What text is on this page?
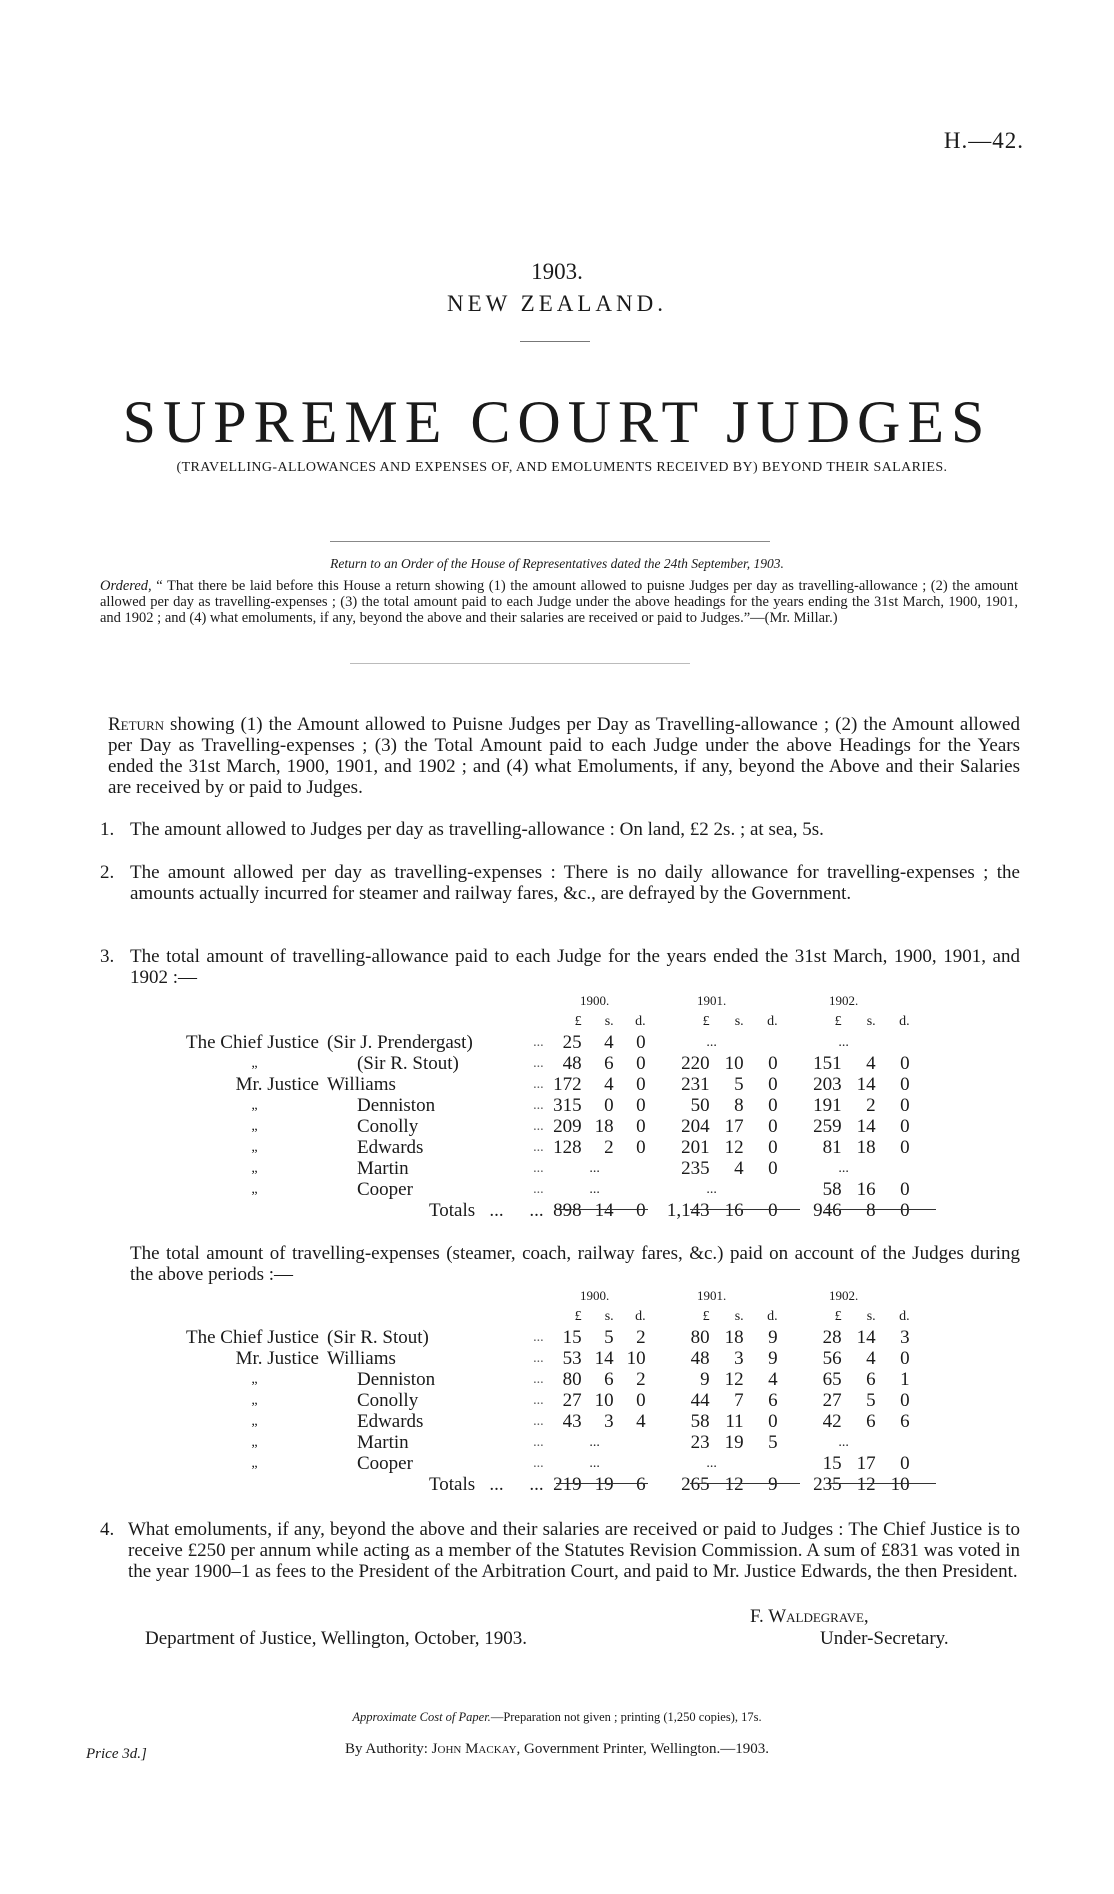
H.—42.
1903.
NEW ZEALAND.
SUPREME COURT JUDGES
(TRAVELLING-ALLOWANCES AND EXPENSES OF, AND EMOLUMENTS RECEIVED BY) BEYOND THEIR SALARIES.
Return to an Order of the House of Representatives dated the 24th September, 1903.
Ordered, “ That there be laid before this House a return showing (1) the amount allowed to puisne Judges per day as travelling-allowance ; (2) the amount allowed per day as travelling-expenses ; (3) the total amount paid to each Judge under the above headings for the years ending the 31st March, 1900, 1901, and 1902 ; and (4) what emoluments, if any, beyond the above and their salaries are received or paid to Judges.”—(Mr. Millar.)
Return showing (1) the Amount allowed to Puisne Judges per Day as Travelling-allowance ; (2) the Amount allowed per Day as Travelling-expenses ; (3) the Total Amount paid to each Judge under the above Headings for the Years ended the 31st March, 1900, 1901, and 1902 ; and (4) what Emoluments, if any, beyond the Above and their Salaries are received by or paid to Judges.
1. The amount allowed to Judges per day as travelling-allowance : On land, £2 2s. ; at sea, 5s.
2. The amount allowed per day as travelling-expenses : There is no daily allowance for travelling-expenses ; the amounts actually incurred for steamer and railway fares, &c., are defrayed by the Government.
3. The total amount of travelling-allowance paid to each Judge for the years ended the 31st March, 1900, 1901, and 1902 :—
			1900.			1901.			1902.		
			£	s.	d.	£	s.	d.	£	s.	d.
The Chief Justice	(Sir J. Prendergast)	...	25	4	0	...			...		
„	(Sir R. Stout)	...	48	6	0	220	10	0	151	4	0
Mr. Justice	Williams	...	172	4	0	231	5	0	203	14	0
„	Denniston	...	315	0	0	50	8	0	191	2	0
„	Conolly	...	209	18	0	204	17	0	259	14	0
„	Edwards	...	128	2	0	201	12	0	81	18	0
„	Martin	...	...			235	4	0	...		
„	Cooper	...	...			...			58	16	0
	Totals ...	...	898	14	0	1,143	16	0	946	8	0
The total amount of travelling-expenses (steamer, coach, railway fares, &c.) paid on account of the Judges during the above periods :—
			1900.			1901.			1902.		
			£	s.	d.	£	s.	d.	£	s.	d.
The Chief Justice	(Sir R. Stout)	...	15	5	2	80	18	9	28	14	3
Mr. Justice	Williams	...	53	14	10	48	3	9	56	4	0
„	Denniston	...	80	6	2	9	12	4	65	6	1
„	Conolly	...	27	10	0	44	7	6	27	5	0
„	Edwards	...	43	3	4	58	11	0	42	6	6
„	Martin	...	...			23	19	5	...		
„	Cooper	...	...			...			15	17	0
	Totals ...	...	219	19	6	265	12	9	235	12	10
4. What emoluments, if any, beyond the above and their salaries are received or paid to Judges : The Chief Justice is to receive £250 per annum while acting as a member of the Statutes Revision Commission. A sum of £831 was voted in the year 1900–1 as fees to the President of the Arbitration Court, and paid to Mr. Justice Edwards, the then President.
F. Waldegrave,
Department of Justice, Wellington, October, 1903.	Under-Secretary.
Approximate Cost of Paper.—Preparation not given ; printing (1,250 copies), 17s.
By Authority: John Mackay, Government Printer, Wellington.—1903.
Price 3d.]
